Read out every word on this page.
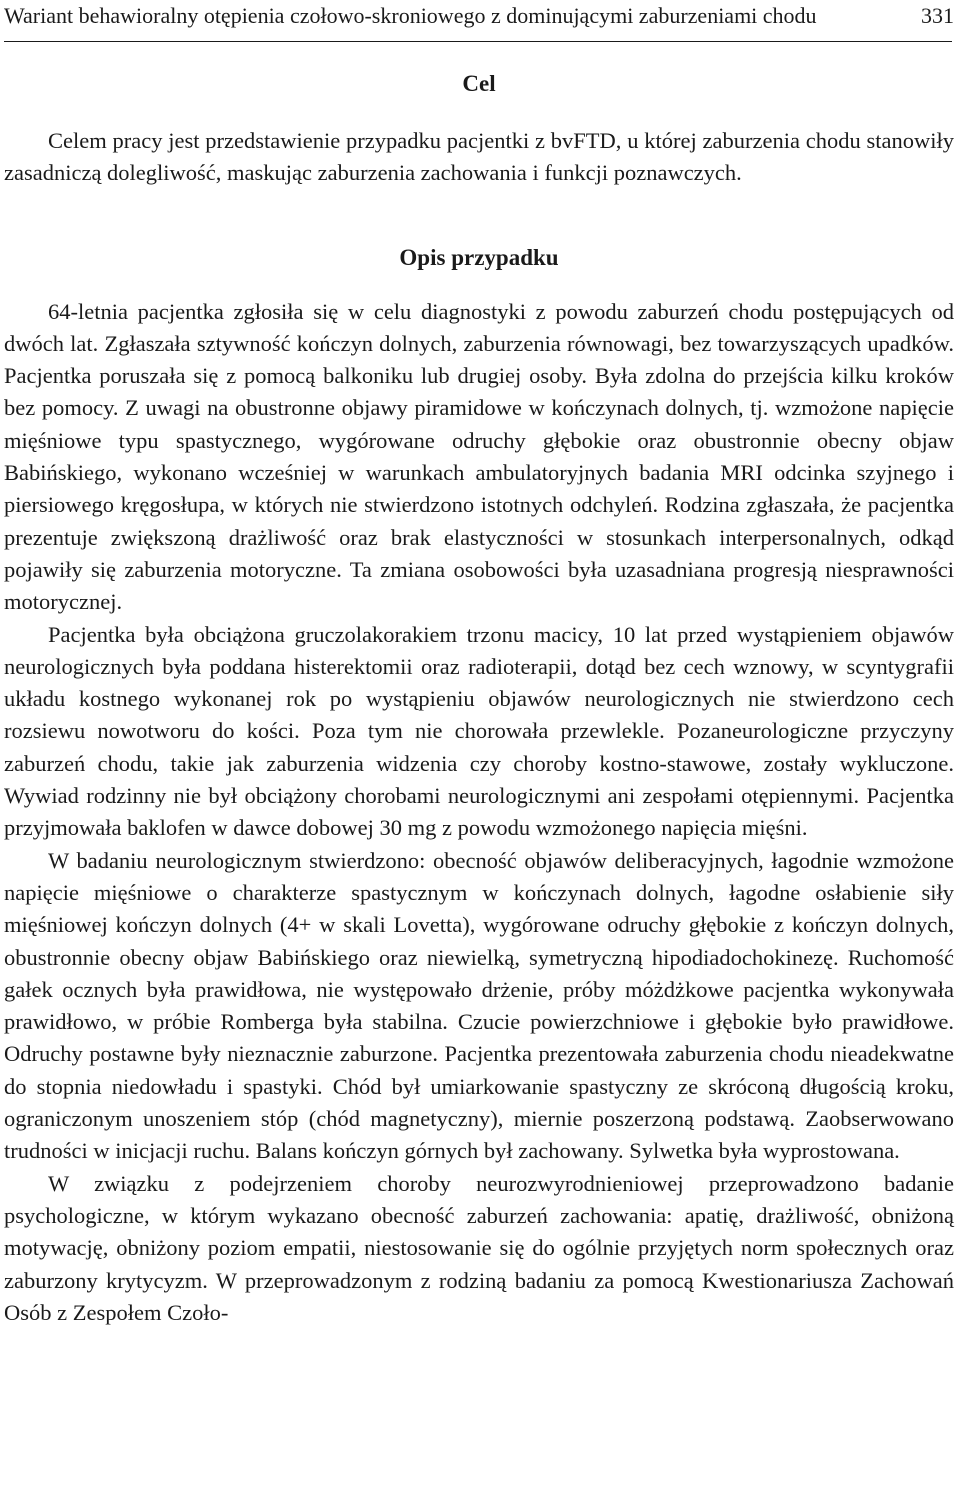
Wariant behawioralny otępienia czołowo-skroniowego z dominującymi zaburzeniami chodu	331
Cel

Celem pracy jest przedstawienie przypadku pacjentki z bvFTD, u której zaburzenia chodu stanowiły zasadniczą dolegliwość, maskując zaburzenia zachowania i funkcji poznawczych.

Opis przypadku

64-letnia pacjentka zgłosiła się w celu diagnostyki z powodu zaburzeń chodu postępujących od dwóch lat. Zgłaszała sztywność kończyn dolnych, zaburzenia równowagi, bez towarzyszących upadków. Pacjentka poruszała się z pomocą balkoniku lub drugiej osoby. Była zdolna do przejścia kilku kroków bez pomocy. Z uwagi na obustronne objawy piramidowe w kończynach dolnych, tj. wzmożone napięcie mięśniowe typu spastycznego, wygórowane odruchy głębokie oraz obustronnie obecny objaw Babińskiego, wykonano wcześniej w warunkach ambulatoryjnych badania MRI odcinka szyjnego i piersiowego kręgosłupa, w których nie stwierdzono istotnych odchyleń. Rodzina zgłaszała, że pacjentka prezentuje zwiększoną drażliwość oraz brak elastyczności w stosunkach interpersonalnych, odkąd pojawiły się zaburzenia motoryczne. Ta zmiana osobowości była uzasadniana progresją niesprawności motorycznej.

Pacjentka była obciążona gruczolakorakiem trzonu macicy, 10 lat przed wystąpieniem objawów neurologicznych była poddana histerektomii oraz radioterapii, dotąd bez cech wznowy, w scyntygrafii układu kostnego wykonanej rok po wystąpieniu objawów neurologicznych nie stwierdzono cech rozsiewu nowotworu do kości. Poza tym nie chorowała przewlekle. Pozaneurologiczne przyczyny zaburzeń chodu, takie jak zaburzenia widzenia czy choroby kostno-stawowe, zostały wykluczone. Wywiad rodzinny nie był obciążony chorobami neurologicznymi ani zespołami otępiennymi. Pacjentka przyjmowała baklofen w dawce dobowej 30 mg z powodu wzmożonego napięcia mięśni.

W badaniu neurologicznym stwierdzono: obecność objawów deliberacyjnych, łagodnie wzmożone napięcie mięśniowe o charakterze spastycznym w kończynach dolnych, łagodne osłabienie siły mięśniowej kończyn dolnych (4+ w skali Lovetta), wygórowane odruchy głębokie z kończyn dolnych, obustronnie obecny objaw Babińskiego oraz niewielką, symetryczną hipodiadochokinezę. Ruchomość gałek ocznych była prawidłowa, nie występowało drżenie, próby móżdżkowe pacjentka wykonywała prawidłowo, w próbie Romberga była stabilna. Czucie powierzchniowe i głębokie było prawidłowe. Odruchy postawne były nieznacznie zaburzone. Pacjentka prezentowała zaburzenia chodu nieadekwatne do stopnia niedowładu i spastyki. Chód był umiarkowanie spastyczny ze skróconą długością kroku, ograniczonym unoszeniem stóp (chód magnetyczny), miernie poszerzoną podstawą. Zaobserwowano trudności w inicjacji ruchu. Balans kończyn górnych był zachowany. Sylwetka była wyprostowana.

W związku z podejrzeniem choroby neurozwyrodnieniowej przeprowadzono badanie psychologiczne, w którym wykazano obecność zaburzeń zachowania: apatię, drażliwość, obniżoną motywację, obniżony poziom empatii, niestosowanie się do ogólnie przyjętych norm społecznych oraz zaburzony krytycyzm. W przeprowadzonym z rodziną badaniu za pomocą Kwestionariusza Zachowań Osób z Zespołem Czoło-
